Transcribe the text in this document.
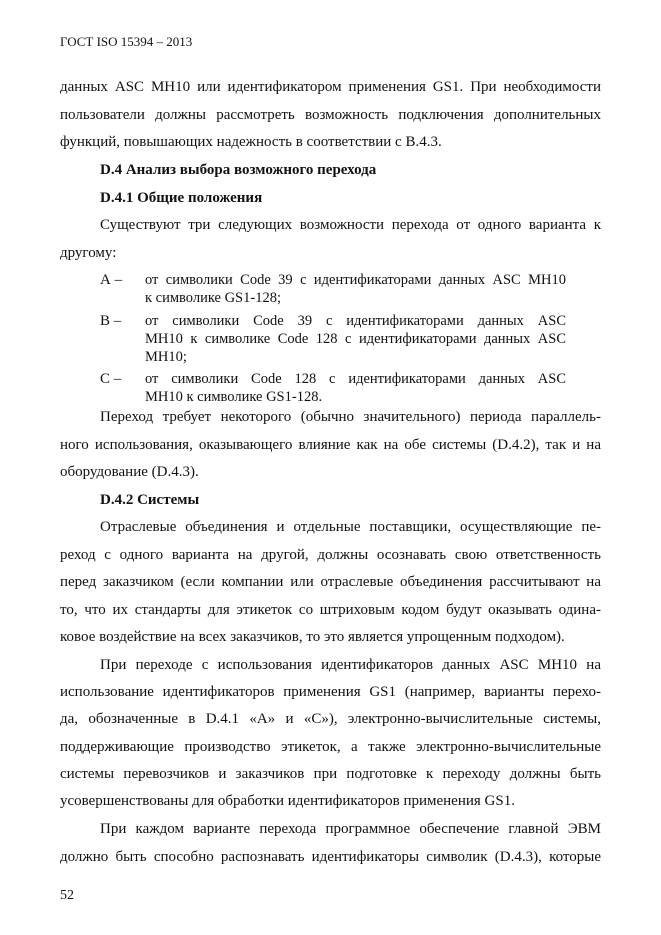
ГОСТ ISO 15394 – 2013
данных ASC MH10 или идентификатором применения GS1. При необходимости
пользователи должны рассмотреть возможность подключения дополнительных
функций, повышающих надежность в соответствии с В.4.3.
D.4 Анализ выбора возможного перехода
D.4.1 Общие положения
Существуют три следующих возможности перехода от одного варианта к
другому:
А – от символики Code 39 с идентификаторами данных ASC MH10
к символике GS1-128;
В – от символики Code 39 с идентификаторами данных ASC
MH10 к символике Code 128 с идентификаторами данных ASC
MH10;
С – от символики Code 128 с идентификаторами данных ASC
MH10 к символике GS1-128.
Переход требует некоторого (обычно значительного) периода параллель-
ного использования, оказывающего влияние как на обе системы (D.4.2), так и на
оборудование (D.4.3).
D.4.2 Системы
Отраслевые объединения и отдельные поставщики, осуществляющие пе-
реход с одного варианта на другой, должны осознавать свою ответственность
перед заказчиком (если компании или отраслевые объединения рассчитывают на
то, что их стандарты для этикеток со штриховым кодом будут оказывать одина-
ковое воздействие на всех заказчиков, то это является упрощенным подходом).
При переходе с использования идентификаторов данных ASC MH10 на
использование идентификаторов применения GS1 (например, варианты перехо-
да, обозначенные в D.4.1 «А» и «С»), электронно-вычислительные системы,
поддерживающие производство этикеток, а также электронно-вычислительные
системы перевозчиков и заказчиков при подготовке к переходу должны быть
усовершенствованы для обработки идентификаторов применения GS1.
При каждом варианте перехода программное обеспечение главной ЭВМ
должно быть способно распознавать идентификаторы символик (D.4.3), которые
52
